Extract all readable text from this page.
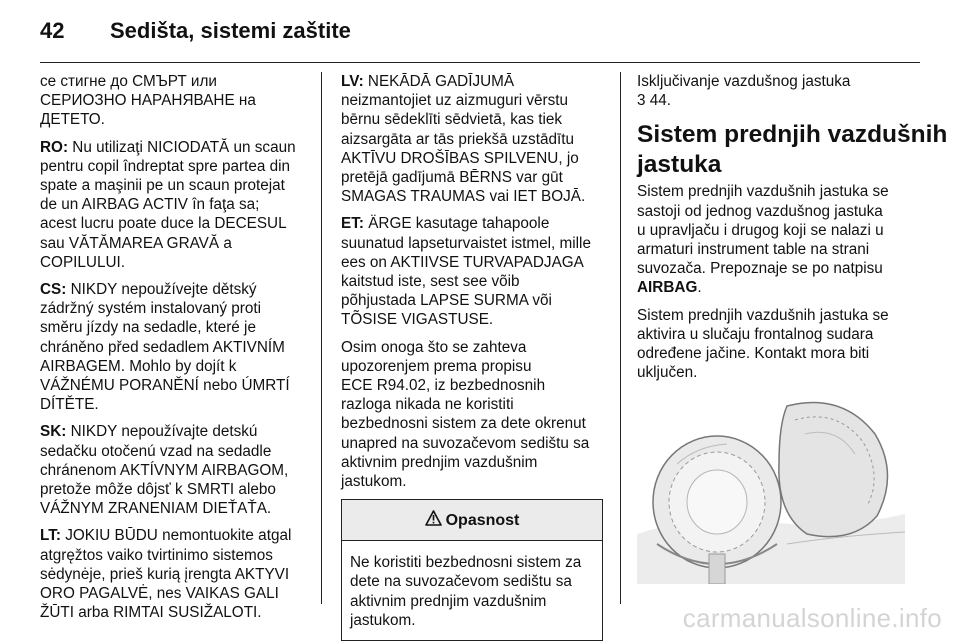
42	Sedišta, sistemi zaštite

се стигне до СМЪРТ или
СЕРИОЗНО НАРАНЯВАНЕ на
ДЕТЕТО.

RO: Nu utilizaţi NICIODATĂ un scaun
pentru copil îndreptat spre partea din
spate a maşinii pe un scaun protejat
de un AIRBAG ACTIV în faţa sa;
acest lucru poate duce la DECESUL
sau VĂTĂMAREA GRAVĂ a
COPILULUI.

CS: NIKDY nepoužívejte dětský
zádržný systém instalovaný proti
směru jízdy na sedadle, které je
chráněno před sedadlem AKTIVNÍM
AIRBAGEM. Mohlo by dojít k
VÁŽNÉMU PORANĚNÍ nebo ÚMRTÍ
DÍTĚTE.

SK: NIKDY nepoužívajte detskú
sedačku otočenú vzad na sedadle
chránenom AKTÍVNYM AIRBAGOM,
pretože môže dôjsť k SMRTI alebo
VÁŽNYM ZRANENIAM DIEŤAŤA.

LT: JOKIU BŪDU nemontuokite atgal
atgręžtos vaiko tvirtinimo sistemos
sėdynėje, prieš kurią įrengta AKTYVI
ORO PAGALVĖ, nes VAIKAS GALI
ŽŪTI arba RIMTAI SUSIŽALOTI.

LV: NEKĀDĀ GADĪJUMĀ
neizmantojiet uz aizmuguri vērstu
bērnu sēdeklīti sēdvietā, kas tiek
aizsargāta ar tās priekšā uzstādītu
AKTĪVU DROŠĪBAS SPILVENU, jo
pretējā gadījumā BĒRNS var gūt
SMAGAS TRAUMAS vai IET BOJĀ.

ET: ÄRGE kasutage tahapoole
suunatud lapseturvaistet istmel, mille
ees on AKTIIVSE TURVAPADJAGA
kaitstud iste, sest see võib
põhjustada LAPSE SURMA või
TÕSISE VIGASTUSE.

Osim onoga što se zahteva
upozorenjem prema propisu
ECE R94.02, iz bezbednosnih
razloga nikada ne koristiti
bezbednosni sistem za dete okrenut
unapred na suvozačevom sedištu sa
aktivnim prednjim vazdušnim
jastukom.

Opasnost
Ne koristiti bezbednosni sistem za
dete na suvozačevom sedištu sa
aktivnim prednjim vazdušnim
jastukom.

Isključivanje vazdušnog jastuka
3 44.

Sistem prednjih vazdušnih
jastuka

Sistem prednjih vazdušnih jastuka se
sastoji od jednog vazdušnog jastuka
u upravljaču i drugog koji se nalazi u
armaturi instrument table na strani
suvozača. Prepoznaje se po natpisu
AIRBAG.

Sistem prednjih vazdušnih jastuka se
aktivira u slučaju frontalnog sudara
određene jačine. Kontakt mora biti
uključen.

carmanualsonline.info
